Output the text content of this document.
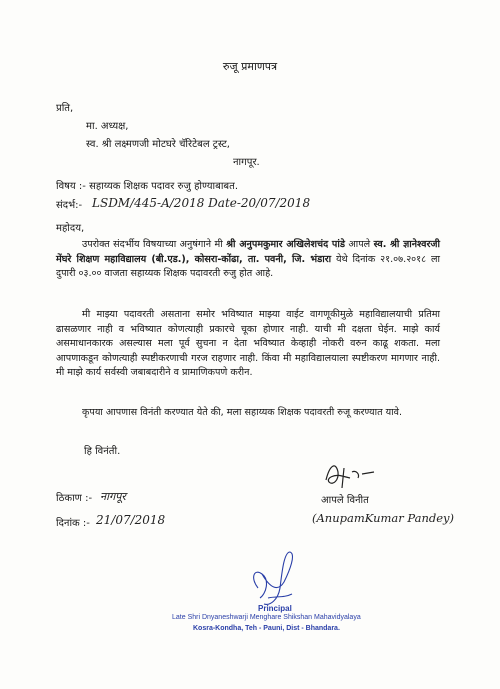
रुजू प्रमाणपत्र
प्रति,
मा. अध्यक्ष,
स्व. श्री लक्ष्मणजी मोटघरे चॅरिटेबल ट्रस्ट,
नागपूर.
विषय :- सहाय्यक शिक्षक पदावर रुजु होण्याबाबत.
संदर्भ:- LSDM/445-A/2018 Date-20/07/2018
महोदय,
उपरोक्त संदर्भीय विषयाच्या अनुषंगाने मी श्री अनुपमकुमार अखिलेशचंद पांडे आपले स्व. श्री ज्ञानेश्वरजी मेंघरे शिक्षण महाविद्यालय (बी.एड.), कोसरा-कोंढा, ता. पवनी, जि. भंडारा येथे दिनांक २१.०७.२०१८ ला दुपारी ०३.०० वाजता सहाय्यक शिक्षक पदावरती रुजु होत आहे.
मी माझ्या पदावरती असताना समोर भविष्यात माझ्या वाईट वागणूकीमुळे महाविद्यालयाची प्रतिमा ढासळणार नाही व भविष्यात कोणत्याही प्रकारचे चूका होणार नाही. याची मी दक्षता घेईन. माझे कार्य असमाधानकारक असल्यास मला पूर्व सुचना न देता भविष्यात केव्हाही नोकरी वरुन काढू शकता. मला आपणाकडून कोणत्याही स्पष्टीकरणाची गरज राहणार नाही. किंवा मी महाविद्यालयाला स्पष्टीकरण मागणार नाही. मी माझे कार्य सर्वस्वी जबाबदारीने व प्रामाणिकपणे करीन.
कृपया आपणास विनंती करण्यात येते की, मला सहाय्यक शिक्षक पदावरती रुजू करण्यात यावे.
हि विनंती.
आपले विनीत
(AnupamKumar Pandey)
ठिकाण :- नागपूर
दिनांक :- 21/07/2018
Principal
Late Shri Dnyaneshwarji Menghare Shikshan Mahavidyalaya
Kosra-Kondha, Teh - Pauni, Dist - Bhandara.
